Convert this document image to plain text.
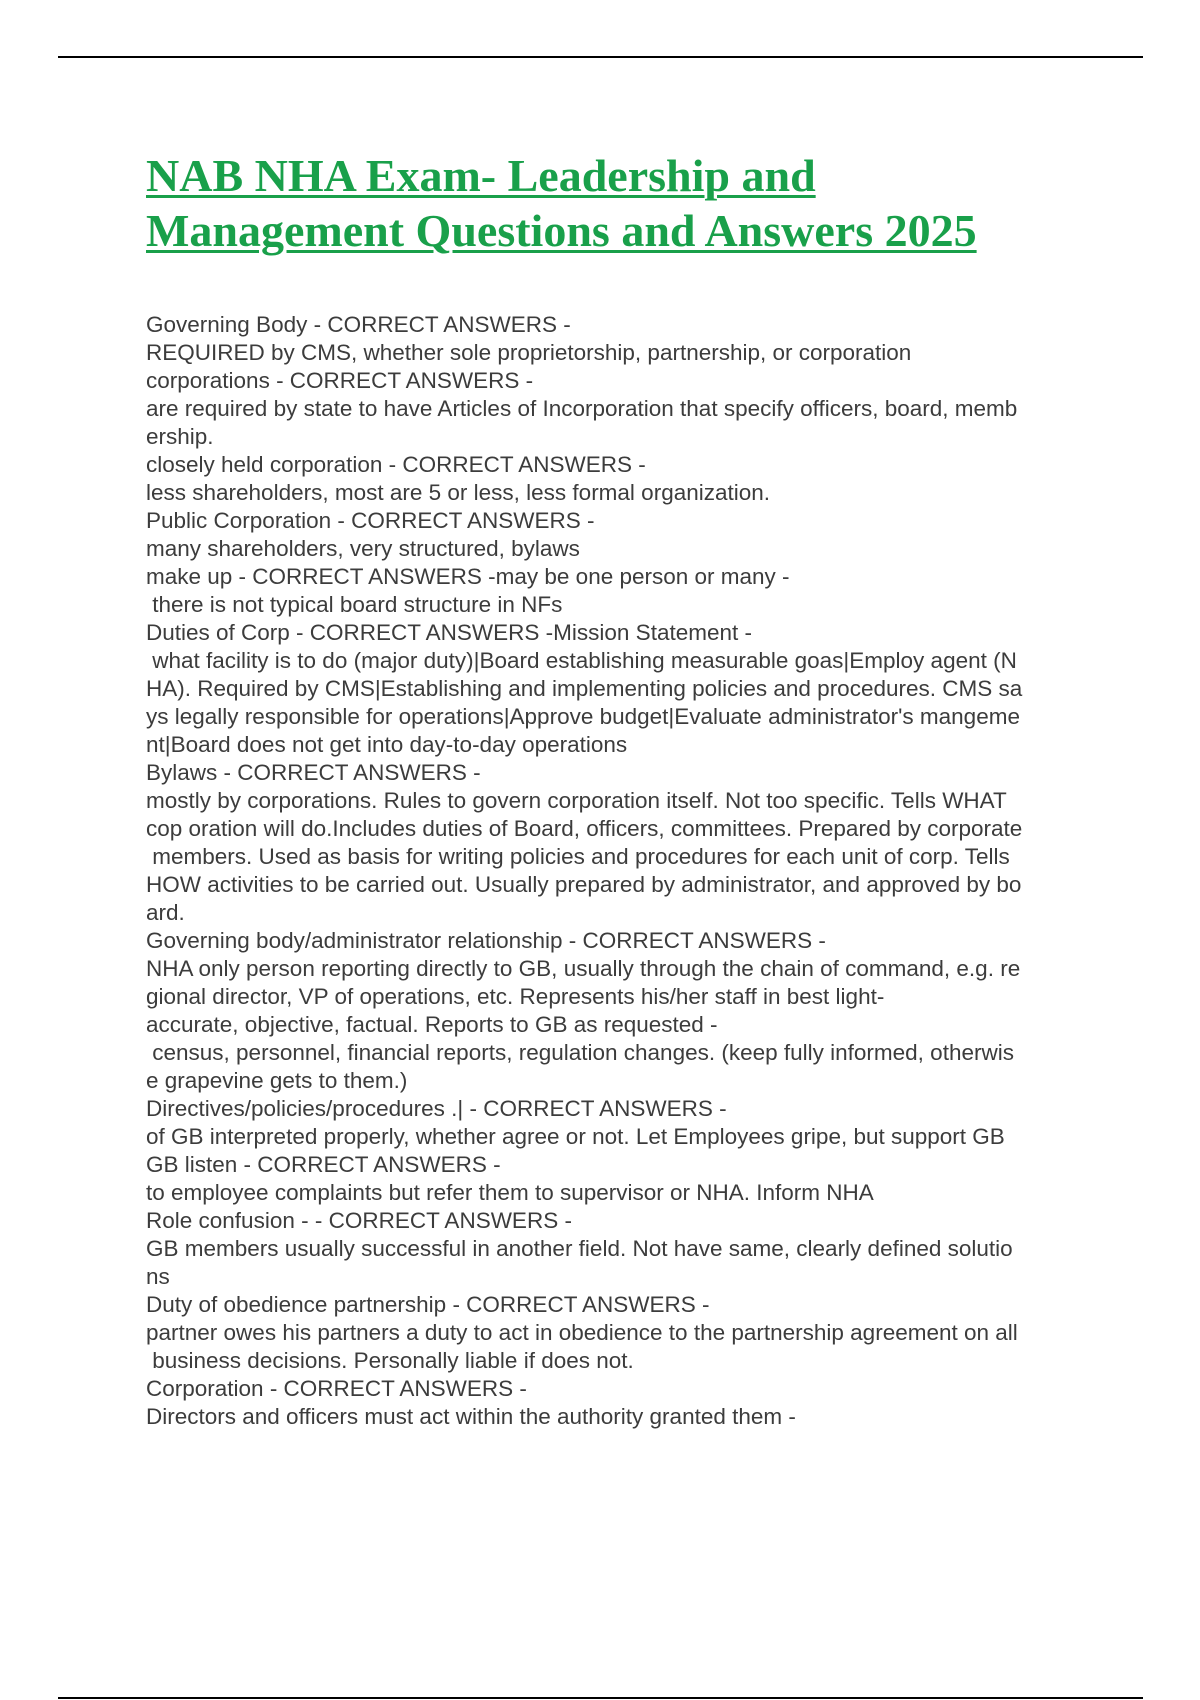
NAB NHA Exam- Leadership and
Management Questions and Answers 2025
Governing Body - CORRECT ANSWERS -
REQUIRED by CMS, whether sole proprietorship, partnership, or corporation
corporations - CORRECT ANSWERS -
are required by state to have Articles of Incorporation that specify officers, board, memb
ership.
closely held corporation - CORRECT ANSWERS -
less shareholders, most are 5 or less, less formal organization.
Public Corporation - CORRECT ANSWERS -
many shareholders, very structured, bylaws
make up - CORRECT ANSWERS -may be one person or many -
there is not typical board structure in NFs
Duties of Corp - CORRECT ANSWERS -Mission Statement -
what facility is to do (major duty)|Board establishing measurable goas|Employ agent (N
HA). Required by CMS|Establishing and implementing policies and procedures. CMS sa
ys legally responsible for operations|Approve budget|Evaluate administrator's mangeme
nt|Board does not get into day-to-day operations
Bylaws - CORRECT ANSWERS -
mostly by corporations. Rules to govern corporation itself. Not too specific. Tells WHAT
cop oration will do.Includes duties of Board, officers, committees. Prepared by corporate
members. Used as basis for writing policies and procedures for each unit of corp. Tells
HOW activities to be carried out. Usually prepared by administrator, and approved by bo
ard.
Governing body/administrator relationship - CORRECT ANSWERS -
NHA only person reporting directly to GB, usually through the chain of command, e.g. re
gional director, VP of operations, etc. Represents his/her staff in best light-
accurate, objective, factual. Reports to GB as requested -
census, personnel, financial reports, regulation changes. (keep fully informed, otherwis
e grapevine gets to them.)
Directives/policies/procedures .| - CORRECT ANSWERS -
of GB interpreted properly, whether agree or not. Let Employees gripe, but support GB
GB listen - CORRECT ANSWERS -
to employee complaints but refer them to supervisor or NHA. Inform NHA
Role confusion - - CORRECT ANSWERS -
GB members usually successful in another field. Not have same, clearly defined solutio
ns
Duty of obedience partnership - CORRECT ANSWERS -
partner owes his partners a duty to act in obedience to the partnership agreement on all
business decisions. Personally liable if does not.
Corporation - CORRECT ANSWERS -
Directors and officers must act within the authority granted them -
